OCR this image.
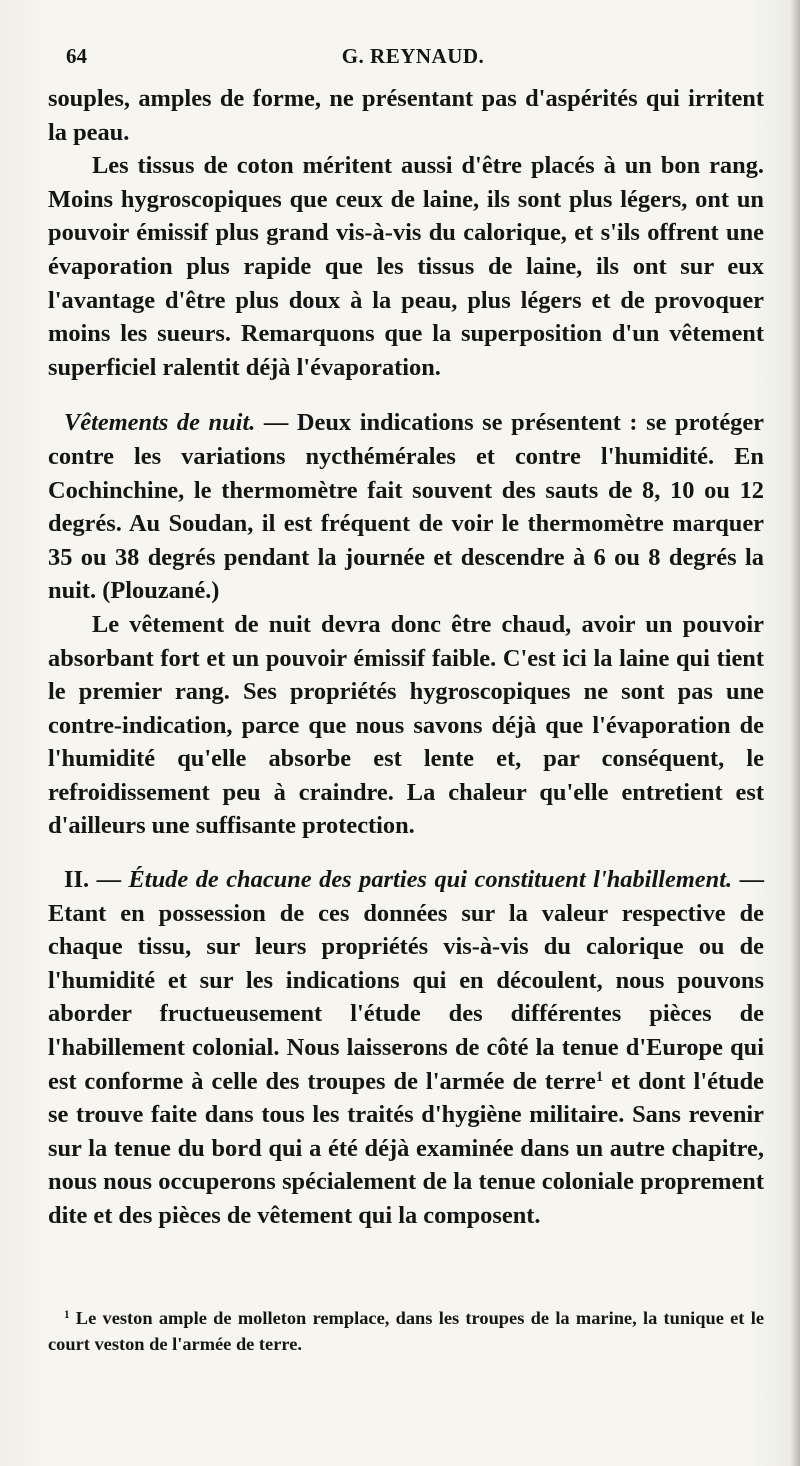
64	G. REYNAUD.

souples, amples de forme, ne présentant pas d'aspérités qui irritent la peau.

Les tissus de coton méritent aussi d'être placés à un bon rang. Moins hygroscopiques que ceux de laine, ils sont plus légers, ont un pouvoir émissif plus grand vis-à-vis du calorique, et s'ils offrent une évaporation plus rapide que les tissus de laine, ils ont sur eux l'avantage d'être plus doux à la peau, plus légers et de provoquer moins les sueurs. Remarquons que la superposition d'un vêtement superficiel ralentit déjà l'évaporation.

Vêtements de nuit. — Deux indications se présentent : se protéger contre les variations nycthémérales et contre l'humidité. En Cochinchine, le thermomètre fait souvent des sauts de 8, 10 ou 12 degrés. Au Soudan, il est fréquent de voir le thermomètre marquer 35 ou 38 degrés pendant la journée et descendre à 6 ou 8 degrés la nuit. (Plouzané.)

Le vêtement de nuit devra donc être chaud, avoir un pouvoir absorbant fort et un pouvoir émissif faible. C'est ici la laine qui tient le premier rang. Ses propriétés hygroscopiques ne sont pas une contre-indication, parce que nous savons déjà que l'évaporation de l'humidité qu'elle absorbe est lente et, par conséquent, le refroidissement peu à craindre. La chaleur qu'elle entretient est d'ailleurs une suffisante protection.

II. — Étude de chacune des parties qui constituent l'habillement. — Etant en possession de ces données sur la valeur respective de chaque tissu, sur leurs propriétés vis-à-vis du calorique ou de l'humidité et sur les indications qui en découlent, nous pouvons aborder fructueusement l'étude des différentes pièces de l'habillement colonial. Nous laisserons de côté la tenue d'Europe qui est conforme à celle des troupes de l'armée de terre$^1$ et dont l'étude se trouve faite dans tous les traités d'hygiène militaire. Sans revenir sur la tenue du bord qui a été déjà examinée dans un autre chapitre, nous nous occuperons spécialement de la tenue coloniale proprement dite et des pièces de vêtement qui la composent.

$^1$ Le veston ample de molleton remplace, dans les troupes de la marine, la tunique et le court veston de l'armée de terre.
